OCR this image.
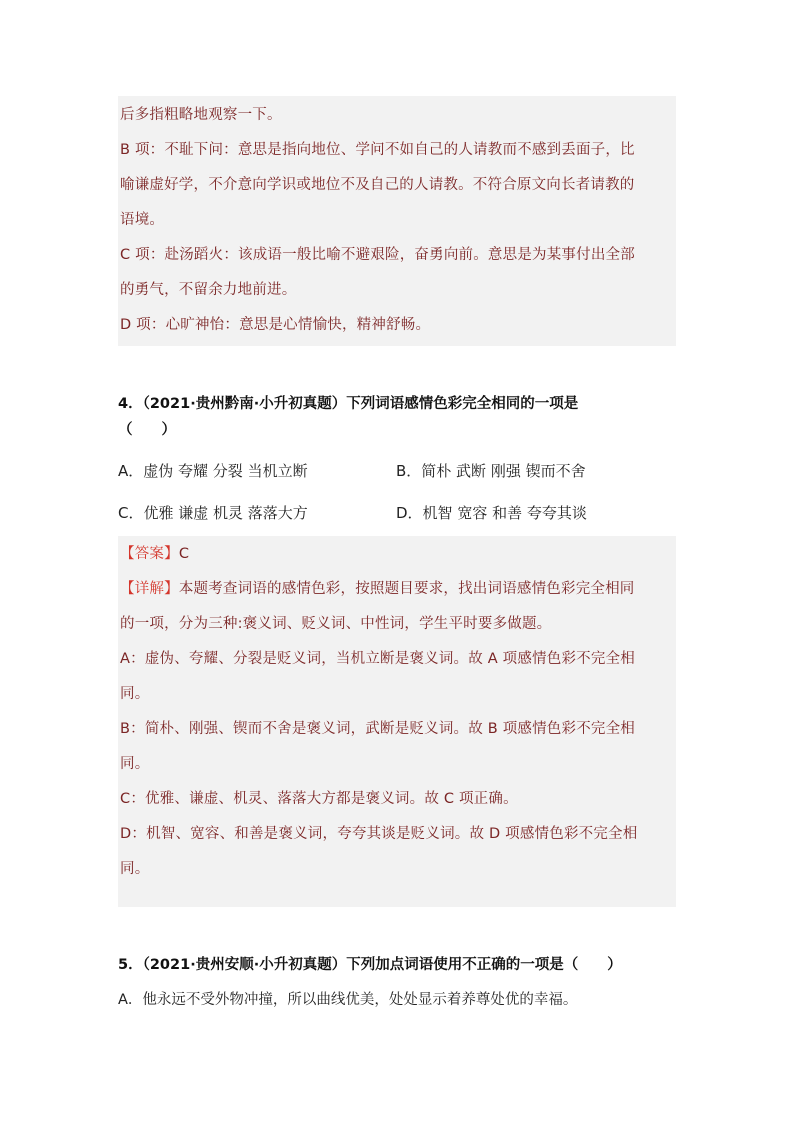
后多指粗略地观察一下。

B 项：不耻下问：意思是指向地位、学问不如自己的人请教而不感到丢面子，比

喻谦虚好学，不介意向学识或地位不及自己的人请教。不符合原文向长者请教的

语境。

C 项：赴汤蹈火：该成语一般比喻不避艰险，奋勇向前。意思是为某事付出全部

的勇气，不留余力地前进。

D 项：心旷神怡：意思是心情愉快，精神舒畅。

4．（2021·贵州黔南·小升初真题）下列词语感情色彩完全相同的一项是
（　　）

A．虚伪 夸耀 分裂 当机立断	B．简朴 武断 刚强 锲而不舍

C．优雅 谦虚 机灵 落落大方	D．机智 宽容 和善 夸夸其谈

【答案】C

【详解】本题考查词语的感情色彩，按照题目要求，找出词语感情色彩完全相同

的一项，分为三种:褒义词、贬义词、中性词，学生平时要多做题。

A：虚伪、夸耀、分裂是贬义词，当机立断是褒义词。故 A 项感情色彩不完全相

同。

B：简朴、刚强、锲而不舍是褒义词，武断是贬义词。故 B 项感情色彩不完全相

同。

C：优雅、谦虚、机灵、落落大方都是褒义词。故 C 项正确。

D：机智、宽容、和善是褒义词，夸夸其谈是贬义词。故 D 项感情色彩不完全相

同。

5．（2021·贵州安顺·小升初真题）下列加点词语使用不正确的一项是（　　）

A．他永远不受外物冲撞，所以曲线优美，处处显示着养尊处优的幸福。
